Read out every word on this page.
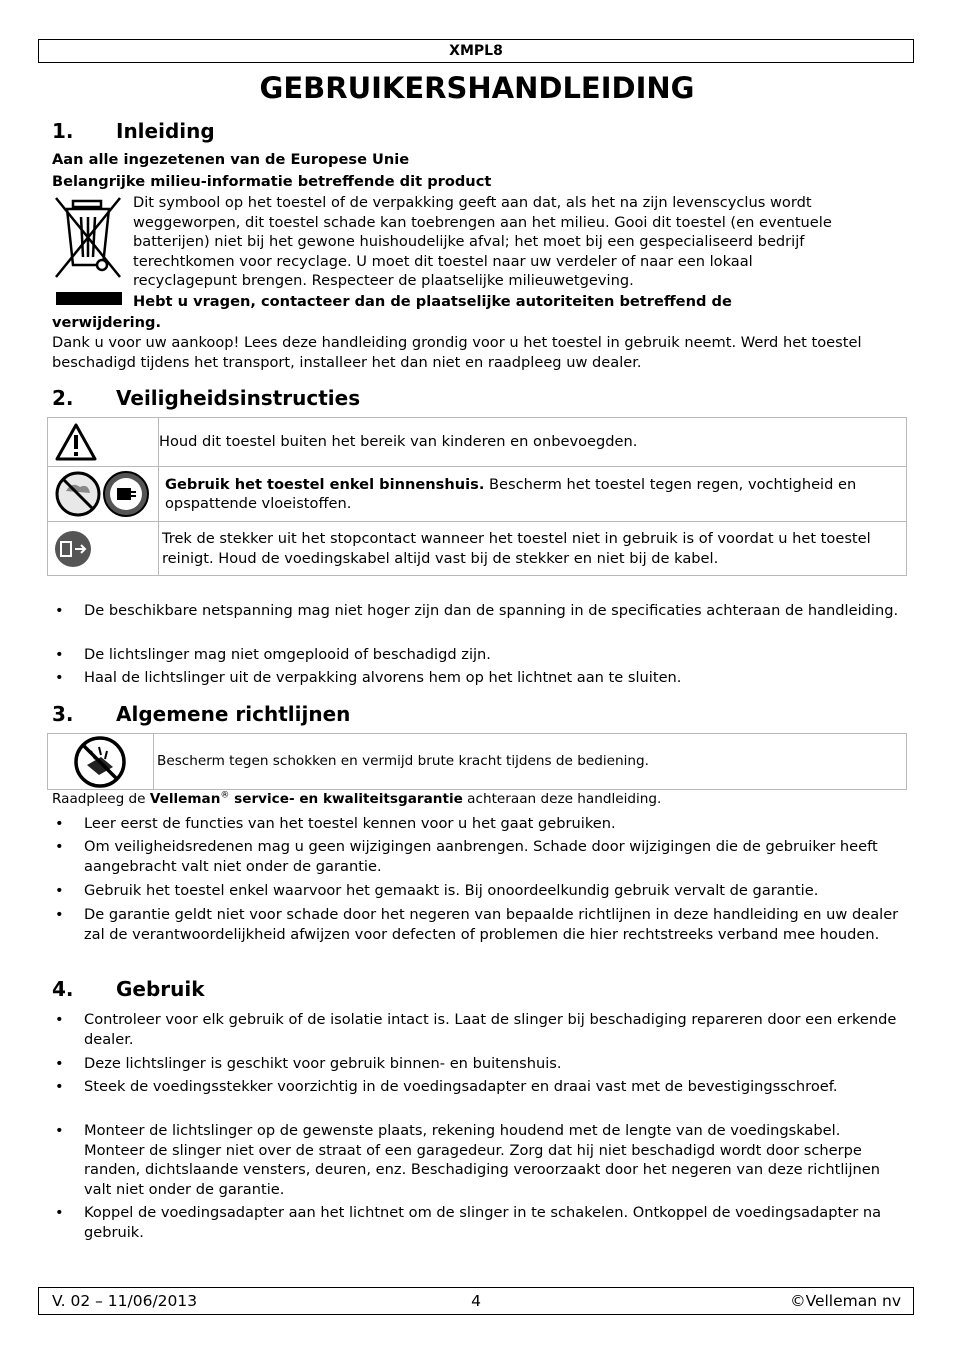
XMPL8
GEBRUIKERSHANDLEIDING
1. Inleiding
Aan alle ingezetenen van de Europese Unie
Belangrijke milieu-informatie betreffende dit product
Dit symbool op het toestel of de verpakking geeft aan dat, als het na zijn levenscyclus wordt
weggeworpen, dit toestel schade kan toebrengen aan het milieu. Gooi dit toestel (en eventuele
batterijen) niet bij het gewone huishoudelijke afval; het moet bij een gespecialiseerd bedrijf
terechtkomen voor recyclage. U moet dit toestel naar uw verdeler of naar een lokaal
recyclagepunt brengen. Respecteer de plaatselijke milieuwetgeving.
Hebt u vragen, contacteer dan de plaatselijke autoriteiten betreffend de
verwijdering.
Dank u voor uw aankoop! Lees deze handleiding grondig voor u het toestel in gebruik neemt. Werd het toestel beschadigd tijdens het transport, installeer het dan niet en raadpleeg uw dealer.
2. Veiligheidsinstructies
	Houd dit toestel buiten het bereik van kinderen en onbevoegden.
	Gebruik het toestel enkel binnenshuis. Bescherm het toestel tegen regen, vochtigheid en opspattende vloeistoffen.
	Trek de stekker uit het stopcontact wanneer het toestel niet in gebruik is of voordat u het toestel reinigt. Houd de voedingskabel altijd vast bij de stekker en niet bij de kabel.
• De beschikbare netspanning mag niet hoger zijn dan de spanning in de specificaties achteraan de handleiding.
• De lichtslinger mag niet omgeplooid of beschadigd zijn.
• Haal de lichtslinger uit de verpakking alvorens hem op het lichtnet aan te sluiten.
3. Algemene richtlijnen
	Bescherm tegen schokken en vermijd brute kracht tijdens de bediening.
Raadpleeg de Velleman® service- en kwaliteitsgarantie achteraan deze handleiding.
• Leer eerst de functies van het toestel kennen voor u het gaat gebruiken.
• Om veiligheidsredenen mag u geen wijzigingen aanbrengen. Schade door wijzigingen die de gebruiker heeft aangebracht valt niet onder de garantie.
• Gebruik het toestel enkel waarvoor het gemaakt is. Bij onoordeelkundig gebruik vervalt de garantie.
• De garantie geldt niet voor schade door het negeren van bepaalde richtlijnen in deze handleiding en uw dealer zal de verantwoordelijkheid afwijzen voor defecten of problemen die hier rechtstreeks verband mee houden.
4. Gebruik
• Controleer voor elk gebruik of de isolatie intact is. Laat de slinger bij beschadiging repareren door een erkende dealer.
• Deze lichtslinger is geschikt voor gebruik binnen- en buitenshuis.
• Steek de voedingsstekker voorzichtig in de voedingsadapter en draai vast met de bevestigingsschroef.
• Monteer de lichtslinger op de gewenste plaats, rekening houdend met de lengte van de voedingskabel. Monteer de slinger niet over de straat of een garagedeur. Zorg dat hij niet beschadigd wordt door scherpe randen, dichtslaande vensters, deuren, enz. Beschadiging veroorzaakt door het negeren van deze richtlijnen valt niet onder de garantie.
• Koppel de voedingsadapter aan het lichtnet om de slinger in te schakelen. Ontkoppel de voedingsadapter na gebruik.
V. 02 – 11/06/2013	4	©Velleman nv
